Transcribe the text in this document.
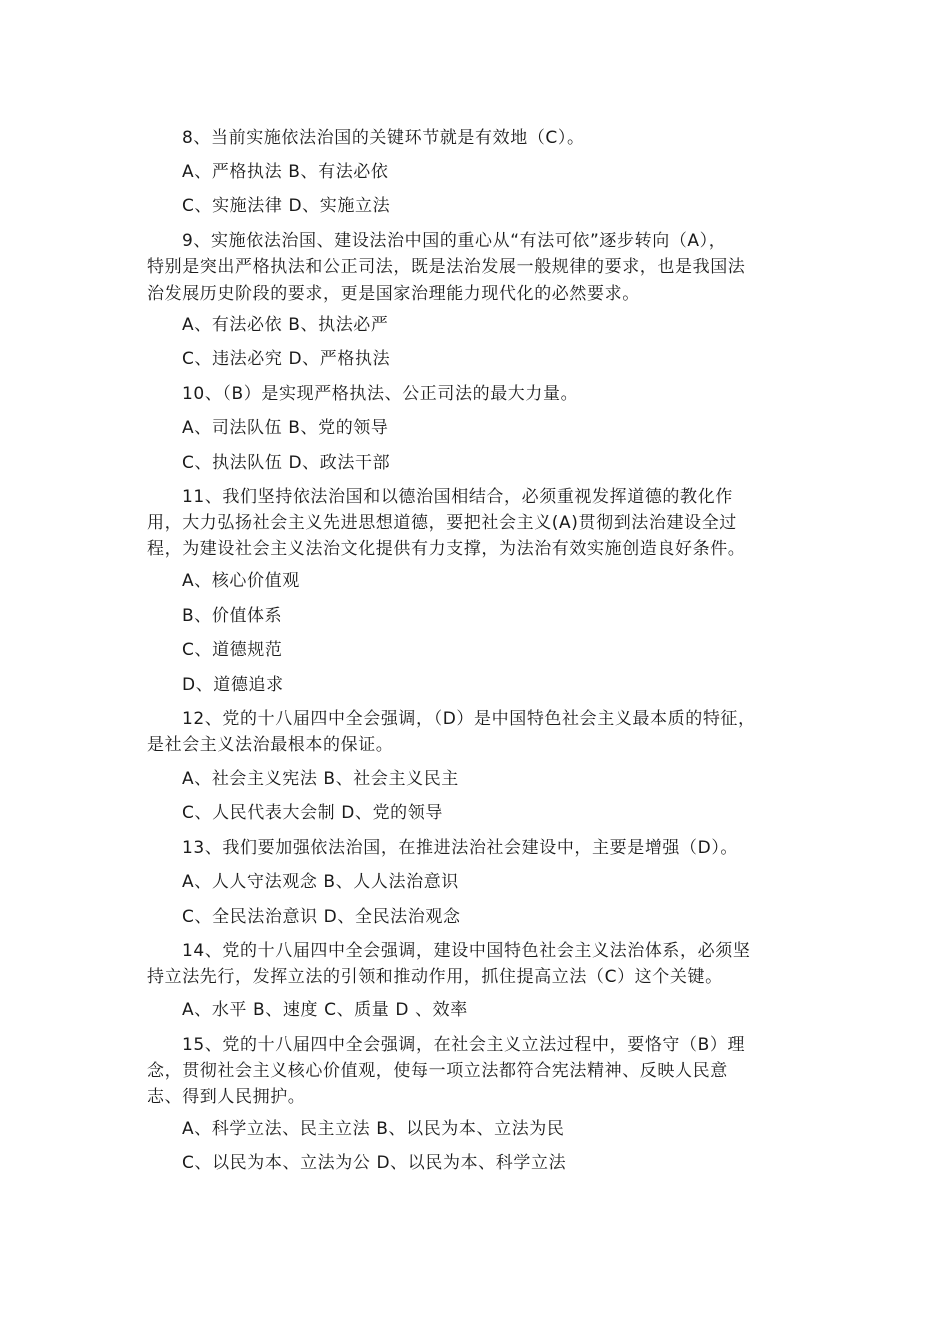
8、当前实施依法治国的关键环节就是有效地（C）。
A、严格执法 B、有法必依
C、实施法律 D、实施立法
9、实施依法治国、建设法治中国的重心从“有法可依”逐步转向（A），
特别是突出严格执法和公正司法，既是法治发展一般规律的要求，也是我国法
治发展历史阶段的要求，更是国家治理能力现代化的必然要求。
A、有法必依 B、执法必严
C、违法必究 D、严格执法
10、（B）是实现严格执法、公正司法的最大力量。
A、司法队伍 B、党的领导
C、执法队伍 D、政法干部
11、我们坚持依法治国和以德治国相结合，必须重视发挥道德的教化作
用，大力弘扬社会主义先进思想道德，要把社会主义(A)贯彻到法治建设全过
程，为建设社会主义法治文化提供有力支撑，为法治有效实施创造良好条件。
A、核心价值观
B、价值体系
C、道德规范
D、道德追求
12、党的十八届四中全会强调，（D）是中国特色社会主义最本质的特征，
是社会主义法治最根本的保证。
A、社会主义宪法 B、社会主义民主
C、人民代表大会制 D、党的领导
13、我们要加强依法治国，在推进法治社会建设中，主要是增强（D）。
A、人人守法观念 B、人人法治意识
C、全民法治意识 D、全民法治观念
14、党的十八届四中全会强调，建设中国特色社会主义法治体系，必须坚
持立法先行，发挥立法的引领和推动作用，抓住提高立法（C）这个关键。
A、水平 B、速度 C、质量 D 、效率
15、党的十八届四中全会强调，在社会主义立法过程中，要恪守（B）理
念，贯彻社会主义核心价值观，使每一项立法都符合宪法精神、反映人民意
志、得到人民拥护。
A、科学立法、民主立法 B、以民为本、立法为民
C、以民为本、立法为公 D、以民为本、科学立法
